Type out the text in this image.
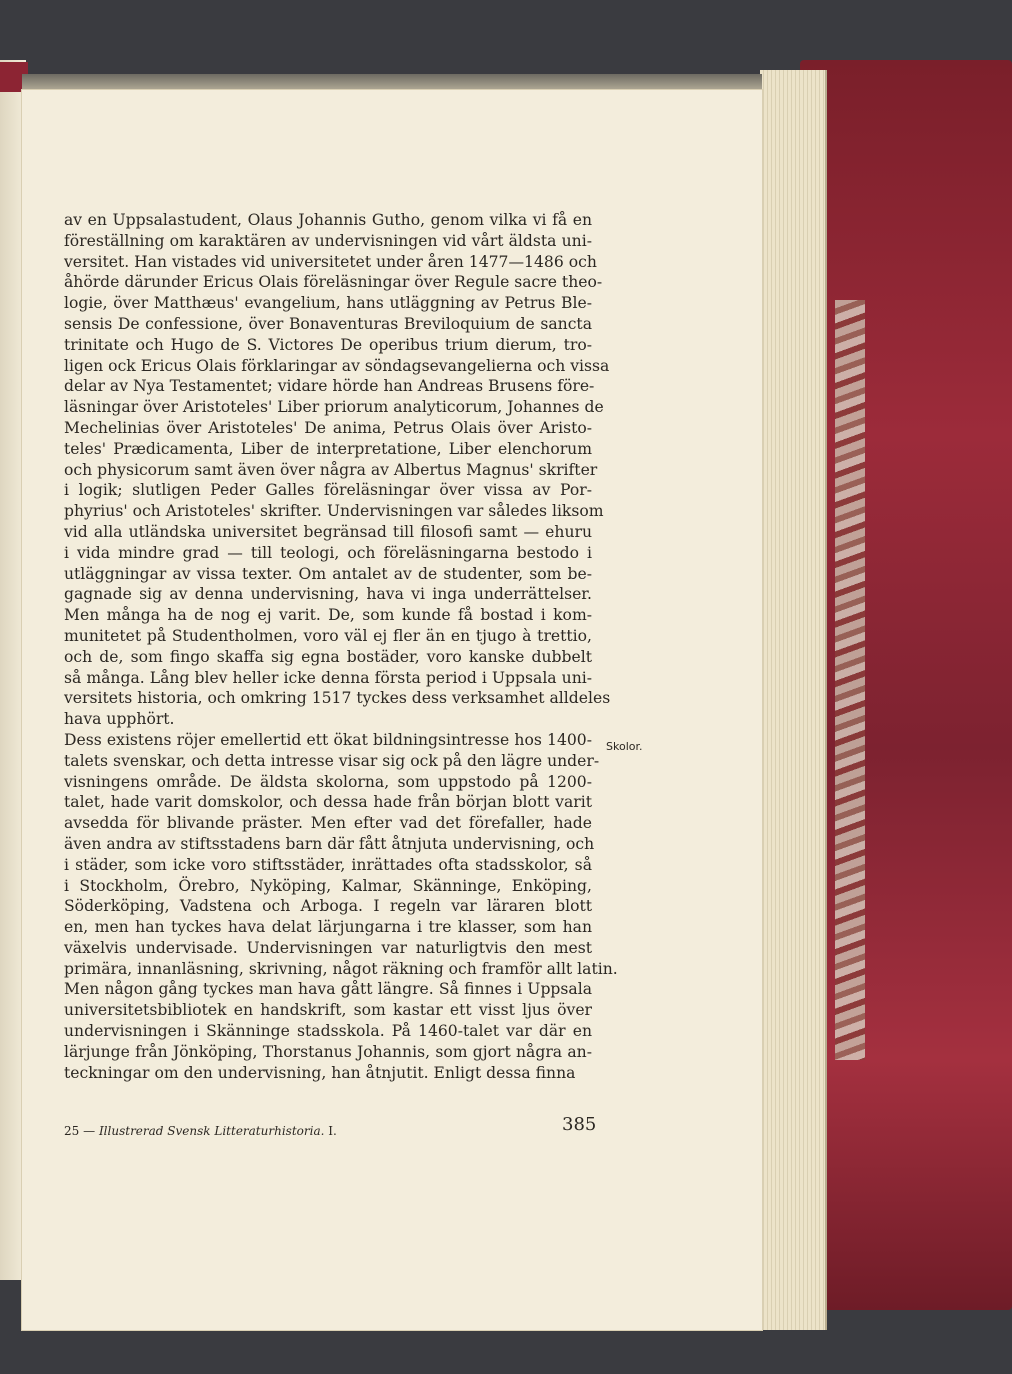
av en Uppsalastudent, Olaus Johannis Gutho, genom vilka vi få en
föreställning om karaktären av undervisningen vid vårt äldsta uni-
versitet. Han vistades vid universitetet under åren 1477—1486 och
åhörde därunder Ericus Olais föreläsningar över Regule sacre theo-
logie, över Matthæus' evangelium, hans utläggning av Petrus Ble-
sensis De confessione, över Bonaventuras Breviloquium de sancta
trinitate och Hugo de S. Victores De operibus trium dierum, tro-
ligen ock Ericus Olais förklaringar av söndagsevangelierna och vissa
delar av Nya Testamentet; vidare hörde han Andreas Brusens före-
läsningar över Aristoteles' Liber priorum analyticorum, Johannes de
Mechelinias över Aristoteles' De anima, Petrus Olais över Aristo-
teles' Prædicamenta, Liber de interpretatione, Liber elenchorum
och physicorum samt även över några av Albertus Magnus' skrifter
i logik; slutligen Peder Galles föreläsningar över vissa av Por-
phyrius' och Aristoteles' skrifter. Undervisningen var således liksom
vid alla utländska universitet begränsad till filosofi samt — ehuru
i vida mindre grad — till teologi, och föreläsningarna bestodo i
utläggningar av vissa texter. Om antalet av de studenter, som be-
gagnade sig av denna undervisning, hava vi inga underrättelser.
Men många ha de nog ej varit. De, som kunde få bostad i kom-
munitetet på Studentholmen, voro väl ej fler än en tjugo à trettio,
och de, som fingo skaffa sig egna bostäder, voro kanske dubbelt
så många. Lång blev heller icke denna första period i Uppsala uni-
versitets historia, och omkring 1517 tyckes dess verksamhet alldeles
hava upphört.
Dess existens röjer emellertid ett ökat bildningsintresse hos 1400-
talets svenskar, och detta intresse visar sig ock på den lägre under-
visningens område. De äldsta skolorna, som uppstodo på 1200-
talet, hade varit domskolor, och dessa hade från början blott varit
avsedda för blivande präster. Men efter vad det förefaller, hade
även andra av stiftsstadens barn där fått åtnjuta undervisning, och
i städer, som icke voro stiftsstäder, inrättades ofta stadsskolor, så
i Stockholm, Örebro, Nyköping, Kalmar, Skänninge, Enköping,
Söderköping, Vadstena och Arboga. I regeln var läraren blott
en, men han tyckes hava delat lärjungarna i tre klasser, som han
växelvis undervisade. Undervisningen var naturligtvis den mest
primära, innanläsning, skrivning, något räkning och framför allt latin.
Men någon gång tyckes man hava gått längre. Så finnes i Uppsala
universitetsbibliotek en handskrift, som kastar ett visst ljus över
undervisningen i Skänninge stadsskola. På 1460-talet var där en
lärjunge från Jönköping, Thorstanus Johannis, som gjort några an-
teckningar om den undervisning, han åtnjutit. Enligt dessa finna
Skolor.
25 — Illustrerad Svensk Litteraturhistoria. I.	385
